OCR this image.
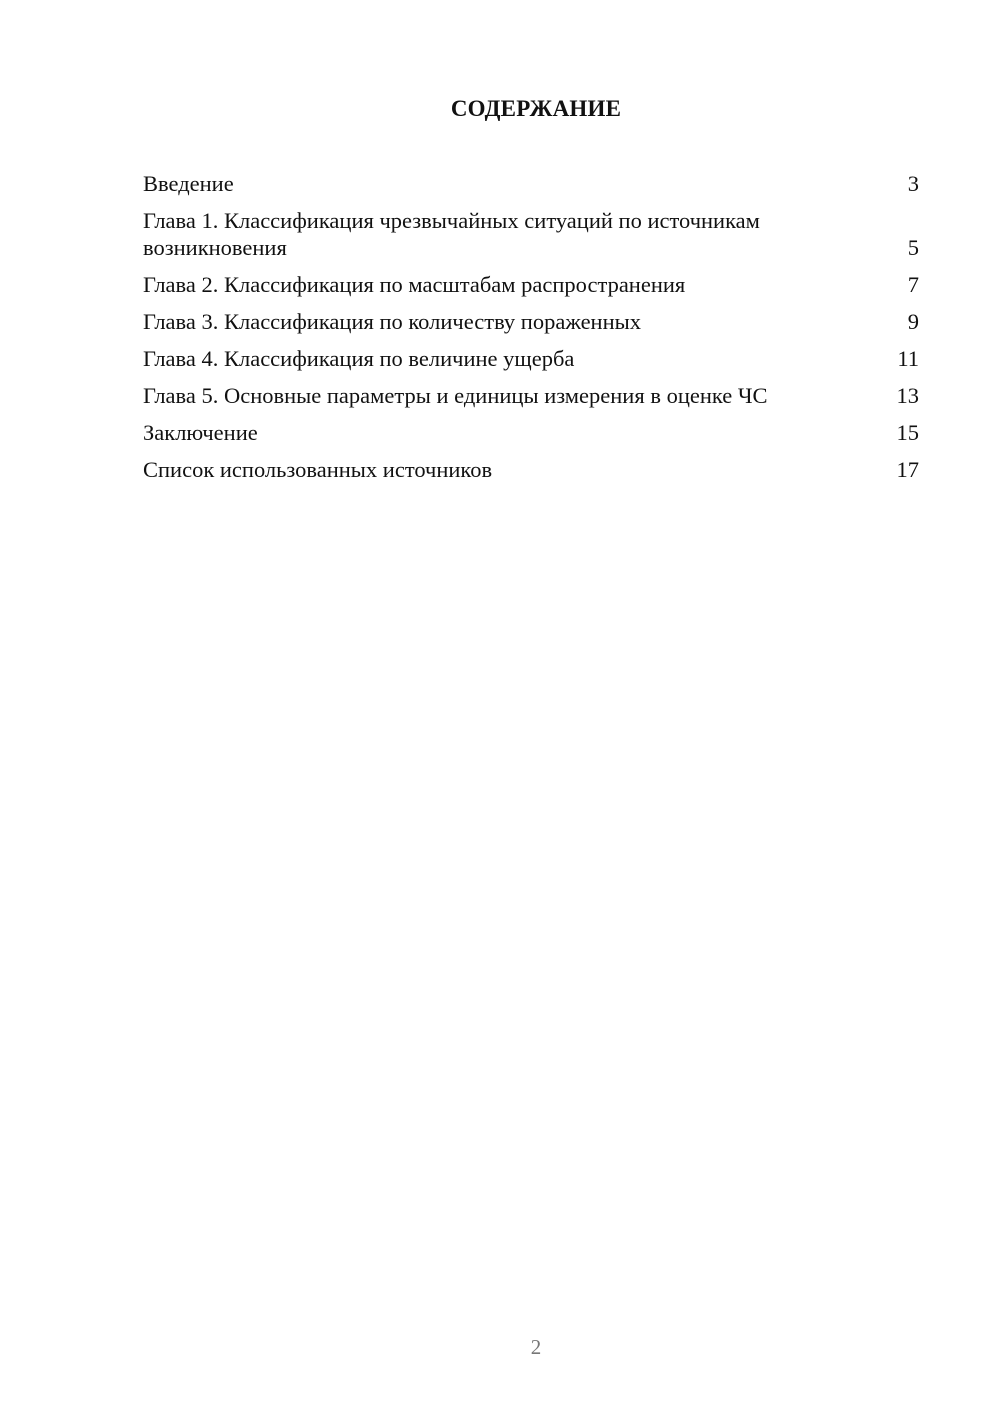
СОДЕРЖАНИЕ
Введение	3
Глава 1. Классификация чрезвычайных ситуаций по источникам возникновения	5
Глава 2. Классификация по масштабам распространения	7
Глава 3. Классификация по количеству пораженных	9
Глава 4. Классификация по величине ущерба	11
Глава 5. Основные параметры и единицы измерения в оценке ЧС	13
Заключение	15
Список использованных источников	17
2
